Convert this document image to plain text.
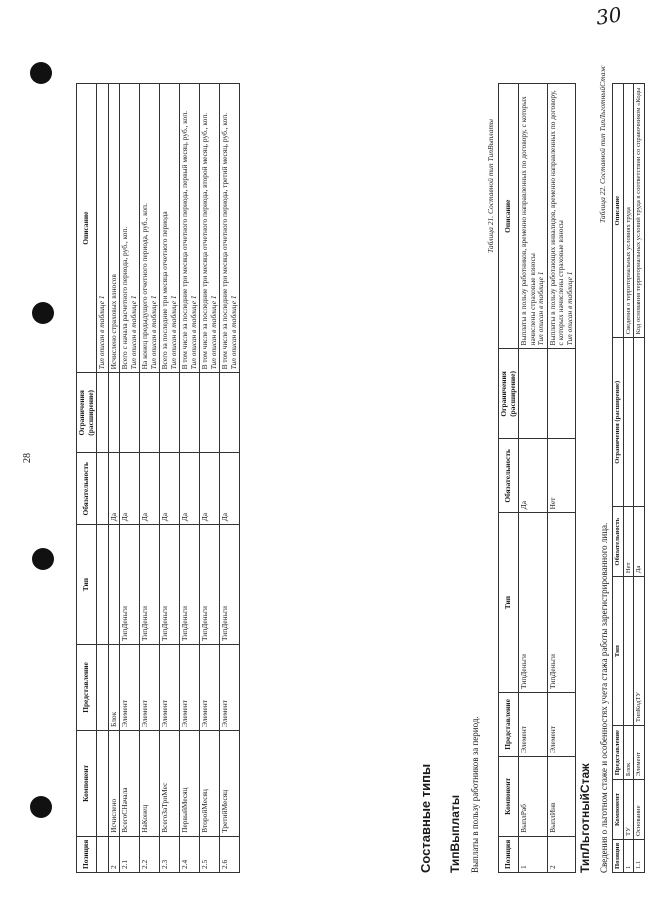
30
28
Позиция	Компонент	Представление	Тип	Обязательность	Ограничения (расширение)	Описание

						Тип описан в таблице 1

2	Исчислено	Блок		Да		Исчислено страховых взносов

2.1	ВсегоСНачала	Элемент	ТипДеньги	Да		Всего с начала расчетного периода, руб., коп. Тип описан в таблице 1

2.2	НаКонец	Элемент	ТипДеньги	Да		На конец предыдущего отчетного периода, руб., коп. Тип описан в таблице 1

2.3	ВсегоЗаТриМес	Элемент	ТипДеньги	Да		Всего за последние три месяца отчетного периода Тип описан в таблице 1

2.4	ПервыйМесяц	Элемент	ТипДеньги	Да		В том числе за последние три месяца отчетного периода, первый месяц, руб., коп. Тип описан в таблице 1

2.5	ВторойМесяц	Элемент	ТипДеньги	Да		В том числе за последние три месяца отчетного периода, второй месяц, руб., коп. Тип описан в таблице 1

2.6	ТретийМесяц	Элемент	ТипДеньги	Да		В том числе за последние три месяца отчетного периода, третий месяц, руб., коп. Тип описан в таблице 1
Составные типы ТипВыплаты Выплаты в пользу работников за период.
Таблица 21. Составной тип ТипВыплаты
Позиция	Компонент	Представление	Тип	Обязательность	Ограничения (расширение)	Описание
1	ВыплРаб	Элемент	ТипДеньги	Да		Выплаты в пользу работников, временно направленных по договору, с которых начислены страховые взносы Тип описан в таблице 1

2	ВыплИнв	Элемент	ТипДеньги	Нет		Выплаты в пользу работающих инвалидов, временно направленных по договору, с которых начислены страховые взносы Тип описан в таблице 1
ТипЛьготныйСтаж Сведения о льготном стаже и особенностях учета стажа работы зарегистрированного лица.
Таблица 22. Составной тип ТипЛьготныйСтаж
Позиция	Компонент	Представление	Тип	Обязательность	Ограничения (расширение)	Описание
1	ТУ	Блок		Нет		Сведения о территориальных условиях труда

1.1	Основание	Элемент	ТипКодТУ	Да		Код основания территориальных условий труда в соответствии со справочником «Коды
